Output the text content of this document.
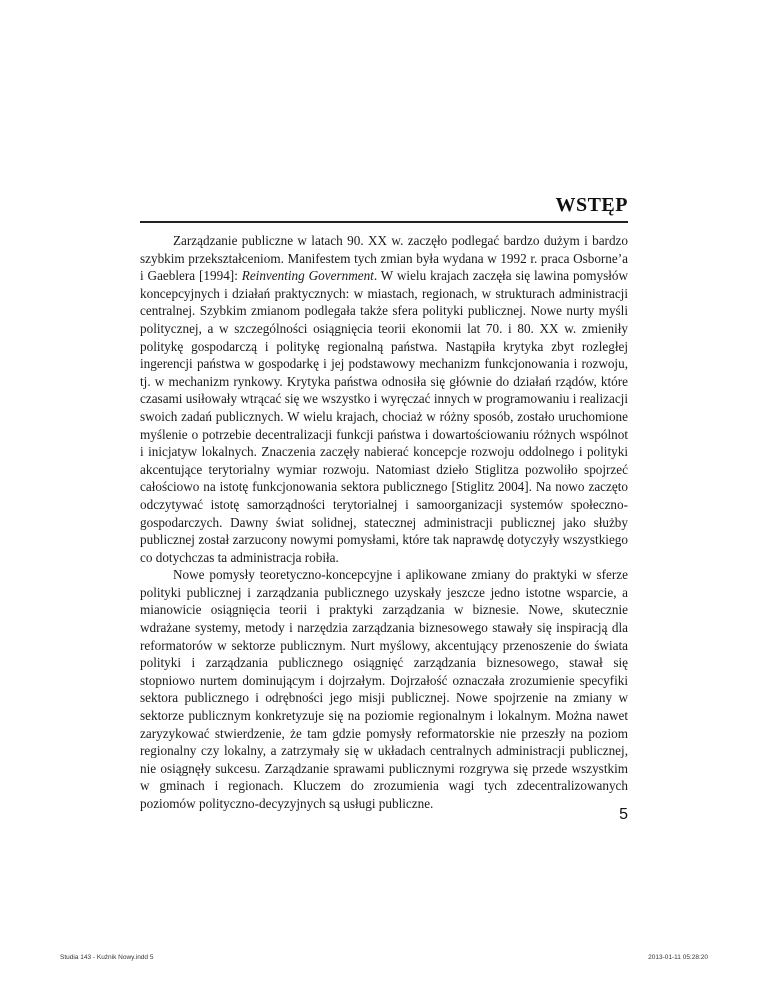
WSTĘP

Zarządzanie publiczne w latach 90. XX w. zaczęło podlegać bardzo dużym i bardzo szybkim przekształceniom. Manifestem tych zmian była wydana w 1992 r. praca Osborne’a i Gaeblera [1994]: Reinventing Government. W wielu krajach zaczęła się lawina pomysłów koncepcyjnych i działań praktycznych: w miastach, regionach, w strukturach administracji centralnej. Szybkim zmianom podlegała także sfera polityki publicznej. Nowe nurty myśli politycznej, a w szczególności osiągnięcia teorii ekonomii lat 70. i 80. XX w. zmieniły politykę gospodarczą i politykę regionalną państwa. Nastąpiła krytyka zbyt rozległej ingerencji państwa w gospodarkę i jej podstawowy mechanizm funkcjonowania i rozwoju, tj. w mechanizm rynkowy. Krytyka państwa odnosiła się głównie do działań rządów, które czasami usiłowały wtrącać się we wszystko i wyręczać innych w programowaniu i realizacji swoich zadań publicznych. W wielu krajach, chociaż w różny sposób, zostało uruchomione myślenie o potrzebie decentralizacji funkcji państwa i dowartościowaniu różnych wspólnot i inicjatyw lokalnych. Znaczenia zaczęły nabierać koncepcje rozwoju oddolnego i polityki akcentujące terytorialny wymiar rozwoju. Natomiast dzieło Stiglitza pozwoliło spojrzeć całościowo na istotę funkcjonowania sektora publicznego [Stiglitz 2004]. Na nowo zaczęto odczytywać istotę samorządności terytorialnej i samoorganizacji systemów społeczno-gospodarczych. Dawny świat solidnej, statecznej administracji publicznej jako służby publicznej został zarzucony nowymi pomysłami, które tak naprawdę dotyczyły wszystkiego co dotychczas ta administracja robiła.

Nowe pomysły teoretyczno-koncepcyjne i aplikowane zmiany do praktyki w sferze polityki publicznej i zarządzania publicznego uzyskały jeszcze jedno istotne wsparcie, a mianowicie osiągnięcia teorii i praktyki zarządzania w biznesie. Nowe, skutecznie wdrażane systemy, metody i narzędzia zarządzania biznesowego stawały się inspiracją dla reformatorów w sektorze publicznym. Nurt myślowy, akcentujący przenoszenie do świata polityki i zarządzania publicznego osiągnięć zarządzania biznesowego, stawał się stopniowo nurtem dominującym i dojrzałym. Dojrzałość oznaczała zrozumienie specyfiki sektora publicznego i odrębności jego misji publicznej. Nowe spojrzenie na zmiany w sektorze publicznym konkretyzuje się na poziomie regionalnym i lokalnym. Można nawet zaryzykować stwierdzenie, że tam gdzie pomysły reformatorskie nie przeszły na poziom regionalny czy lokalny, a zatrzymały się w układach centralnych administracji publicznej, nie osiągnęły sukcesu. Zarządzanie sprawami publicznymi rozgrywa się przede wszystkim w gminach i regionach. Kluczem do zrozumienia wagi tych zdecentralizowanych poziomów polityczno-decyzyjnych są usługi publiczne.

5
Studia 143 - Kuźnik Nowy.indd 5	2013-01-11 05:28:20
